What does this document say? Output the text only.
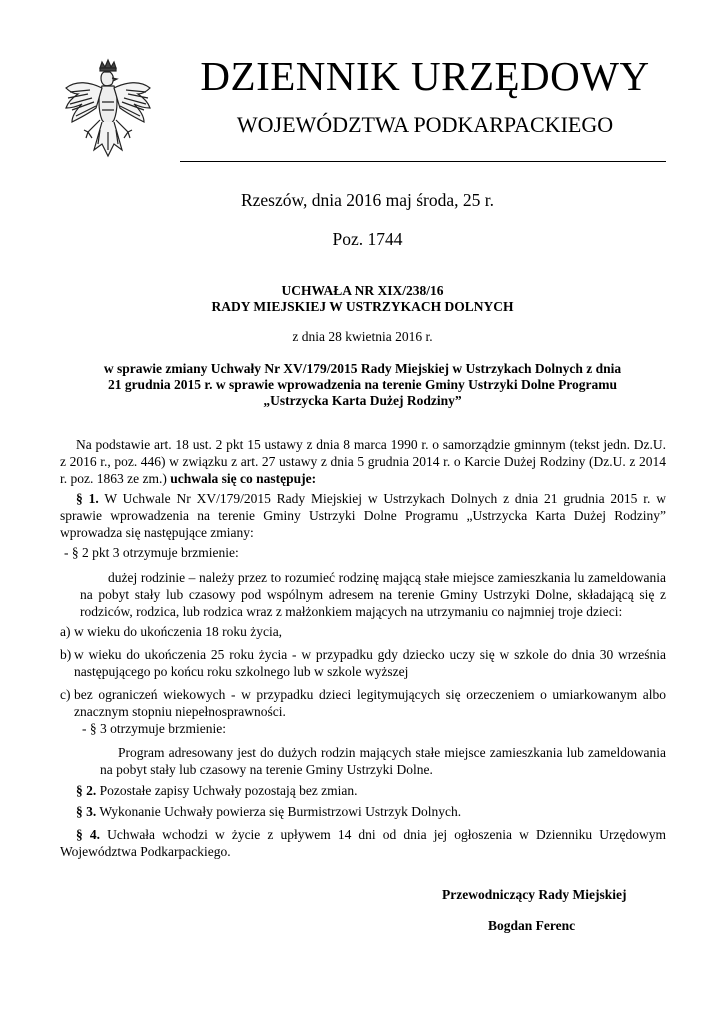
DZIENNIK URZĘDOWY
WOJEWÓDZTWA PODKARPACKIEGO
Rzeszów, dnia 2016 maj środa, 25 r.
Poz. 1744
UCHWAŁA NR XIX/238/16
RADY MIEJSKIEJ W USTRZYKACH DOLNYCH
z dnia 28 kwietnia 2016 r.
w sprawie zmiany Uchwały Nr XV/179/2015 Rady Miejskiej w Ustrzykach Dolnych z dnia
21 grudnia 2015 r. w sprawie wprowadzenia na terenie Gminy Ustrzyki Dolne Programu
„Ustrzycka Karta Dużej Rodziny”
Na podstawie art. 18 ust. 2 pkt 15 ustawy z dnia 8 marca 1990 r. o samorządzie gminnym (tekst jedn. Dz.U. z 2016 r., poz. 446) w związku z art. 27 ustawy z dnia 5 grudnia 2014 r. o Karcie Dużej Rodziny (Dz.U. z 2014 r. poz. 1863 ze zm.) uchwala się co następuje:
§ 1. W Uchwale Nr XV/179/2015 Rady Miejskiej w Ustrzykach Dolnych z dnia 21 grudnia 2015 r. w sprawie wprowadzenia na terenie Gminy Ustrzyki Dolne Programu „Ustrzycka Karta Dużej Rodziny” wprowadza się następujące zmiany:
- § 2 pkt 3 otrzymuje brzmienie:
dużej rodzinie – należy przez to rozumieć rodzinę mającą stałe miejsce zamieszkania lu zameldowania na pobyt stały lub czasowy pod wspólnym adresem na terenie Gminy Ustrzyki Dolne, składającą się z rodziców, rodzica, lub rodzica wraz z małżonkiem mających na utrzymaniu co najmniej troje dzieci:
a) w wieku do ukończenia 18 roku życia,
b) w wieku do ukończenia 25 roku życia - w przypadku gdy dziecko uczy się w szkole do dnia 30 września następującego po końcu roku szkolnego lub w szkole wyższej
c) bez ograniczeń wiekowych - w przypadku dzieci legitymujących się orzeczeniem o umiarkowanym albo znacznym stopniu niepełnosprawności.
- § 3 otrzymuje brzmienie:
Program adresowany jest do dużych rodzin mających stałe miejsce zamieszkania lub zameldowania na pobyt stały lub czasowy na terenie Gminy Ustrzyki Dolne.
§ 2. Pozostałe zapisy Uchwały pozostają bez zmian.
§ 3. Wykonanie Uchwały powierza się Burmistrzowi Ustrzyk Dolnych.
§ 4. Uchwała wchodzi w życie z upływem 14 dni od dnia jej ogłoszenia w Dzienniku Urzędowym Województwa Podkarpackiego.
Przewodniczący Rady Miejskiej
Bogdan Ferenc
